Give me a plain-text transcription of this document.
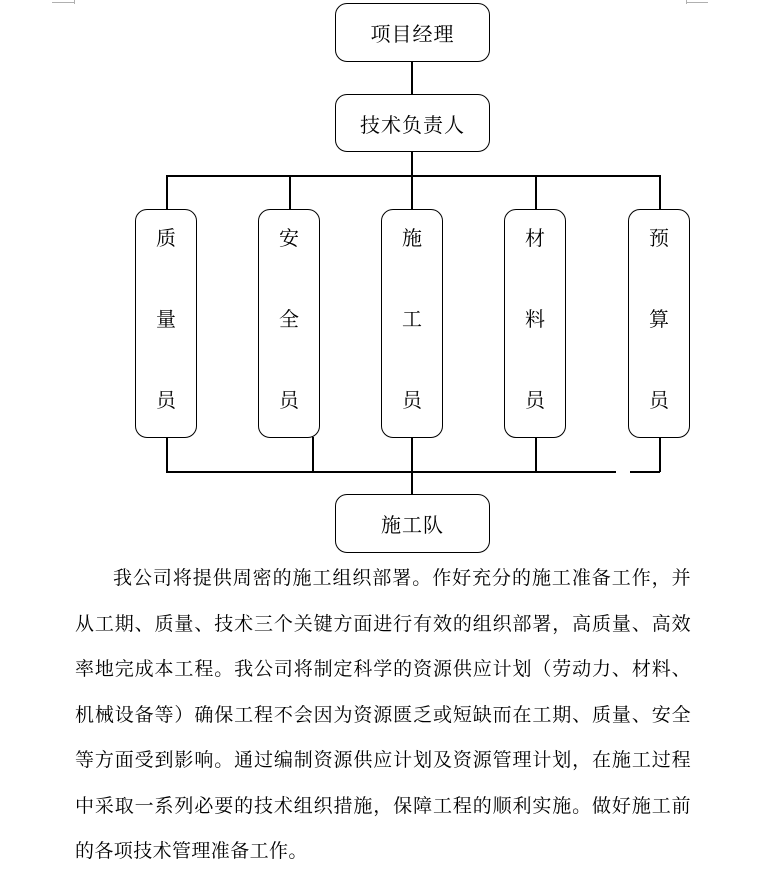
项目经理
技术负责人
质
量
员
安
全
员
施
工
员
材
料
员
预
算
员
施工队

我公司将提供周密的施工组织部署。作好充分的施工准备工作，并从工期、质量、技术三个关键方面进行有效的组织部署，高质量、高效率地完成本工程。我公司将制定科学的资源供应计划（劳动力、材料、机械设备等）确保工程不会因为资源匮乏或短缺而在工期、质量、安全等方面受到影响。通过编制资源供应计划及资源管理计划，在施工过程中采取一系列必要的技术组织措施，保障工程的顺利实施。做好施工前的各项技术管理准备工作。
